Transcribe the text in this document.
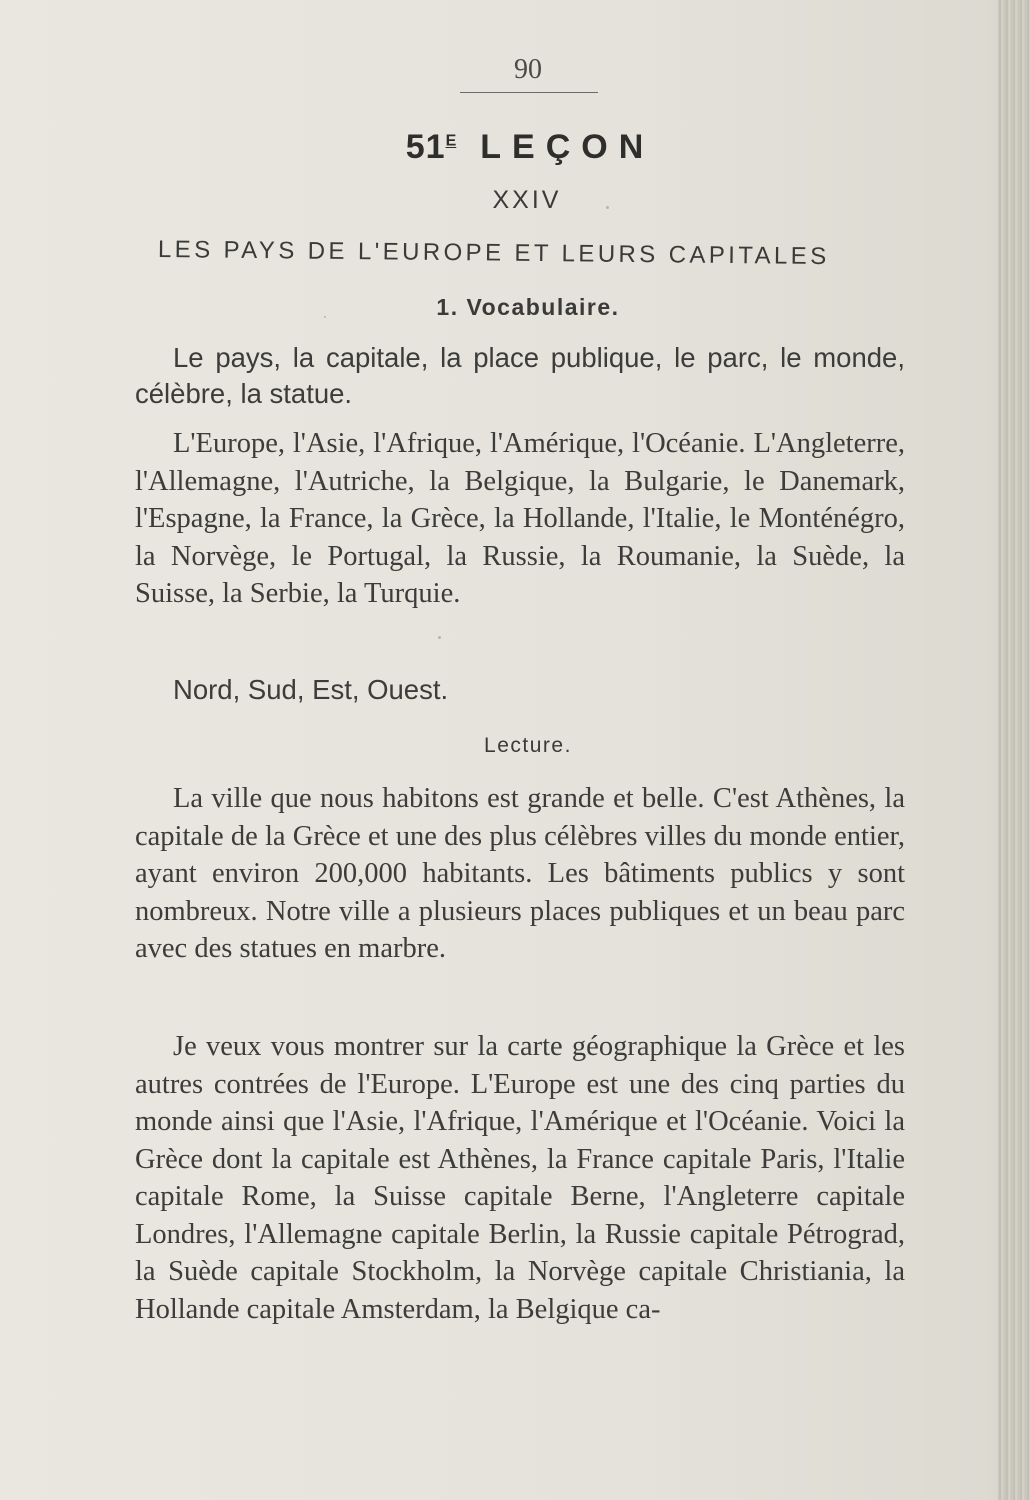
90
$51^E$ LEÇON
XXIV
LES PAYS DE L'EUROPE ET LEURS CAPITALES
1. Vocabulaire.

Le pays, la capitale, la place publique, le parc, le monde, célèbre, la statue.

L'Europe, l'Asie, l'Afrique, l'Amérique, l'Océanie. L'Angleterre, l'Allemagne, l'Autriche, la Belgique, la Bulgarie, le Danemark, l'Espagne, la France, la Grèce, la Hollande, l'Italie, le Monténégro, la Norvège, le Portugal, la Russie, la Roumanie, la Suède, la Suisse, la Serbie, la Turquie.

Nord, Sud, Est, Ouest.

Lecture.

La ville que nous habitons est grande et belle. C'est Athènes, la capitale de la Grèce et une des plus célèbres villes du monde entier, ayant environ 200,000 habitants. Les bâtiments publics y sont nombreux. Notre ville a plusieurs places publiques et un beau parc avec des statues en marbre.

Je veux vous montrer sur la carte géographique la Grèce et les autres contrées de l'Europe. L'Europe est une des cinq parties du monde ainsi que l'Asie, l'Afrique, l'Amérique et l'Océanie. Voici la Grèce dont la capitale est Athènes, la France capitale Paris, l'Italie capitale Rome, la Suisse capitale Berne, l'Angleterre capitale Londres, l'Allemagne capitale Berlin, la Russie capitale Pétrograd, la Suède capitale Stockholm, la Norvège capitale Christiania, la Hollande capitale Amsterdam, la Belgique ca-
